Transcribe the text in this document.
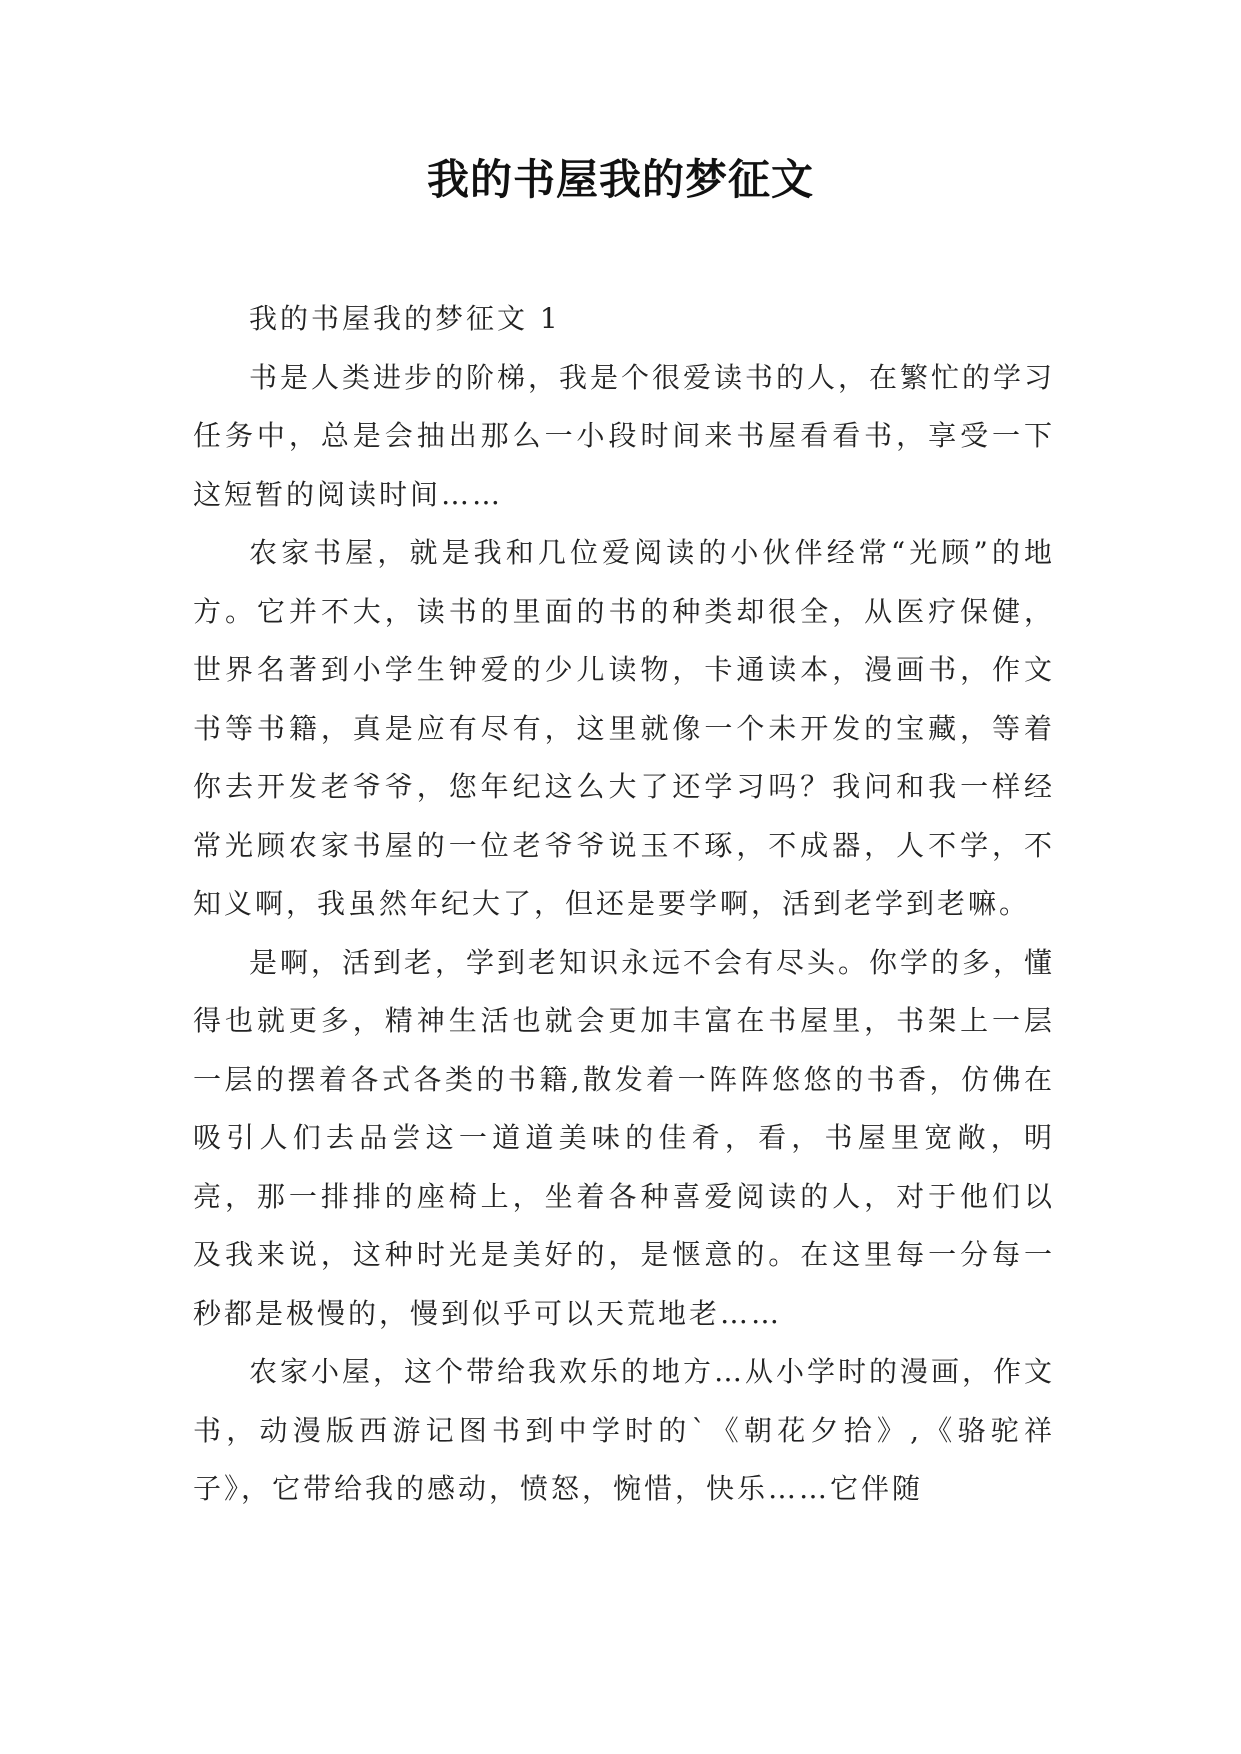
我的书屋我的梦征文

我的书屋我的梦征文 1

书是人类进步的阶梯，我是个很爱读书的人，在繁忙的学习任务中，总是会抽出那么一小段时间来书屋看看书，享受一下这短暂的阅读时间……

农家书屋，就是我和几位爱阅读的小伙伴经常“光顾”的地方。它并不大，读书的里面的书的种类却很全，从医疗保健，世界名著到小学生钟爱的少儿读物，卡通读本，漫画书，作文书等书籍，真是应有尽有，这里就像一个未开发的宝藏，等着你去开发老爷爷，您年纪这么大了还学习吗？我问和我一样经常光顾农家书屋的一位老爷爷说玉不琢，不成器，人不学，不知义啊，我虽然年纪大了，但还是要学啊，活到老学到老嘛。

是啊，活到老，学到老知识永远不会有尽头。你学的多，懂得也就更多，精神生活也就会更加丰富在书屋里，书架上一层一层的摆着各式各类的书籍,散发着一阵阵悠悠的书香，仿佛在吸引人们去品尝这一道道美味的佳肴，看，书屋里宽敞，明亮，那一排排的座椅上，坐着各种喜爱阅读的人，对于他们以及我来说，这种时光是美好的，是惬意的。在这里每一分每一秒都是极慢的，慢到似乎可以天荒地老……

农家小屋，这个带给我欢乐的地方…从小学时的漫画，作文书，动漫版西游记图书到中学时的`《朝花夕拾》,《骆驼祥子》，它带给我的感动，愤怒，惋惜，快乐……它伴随
